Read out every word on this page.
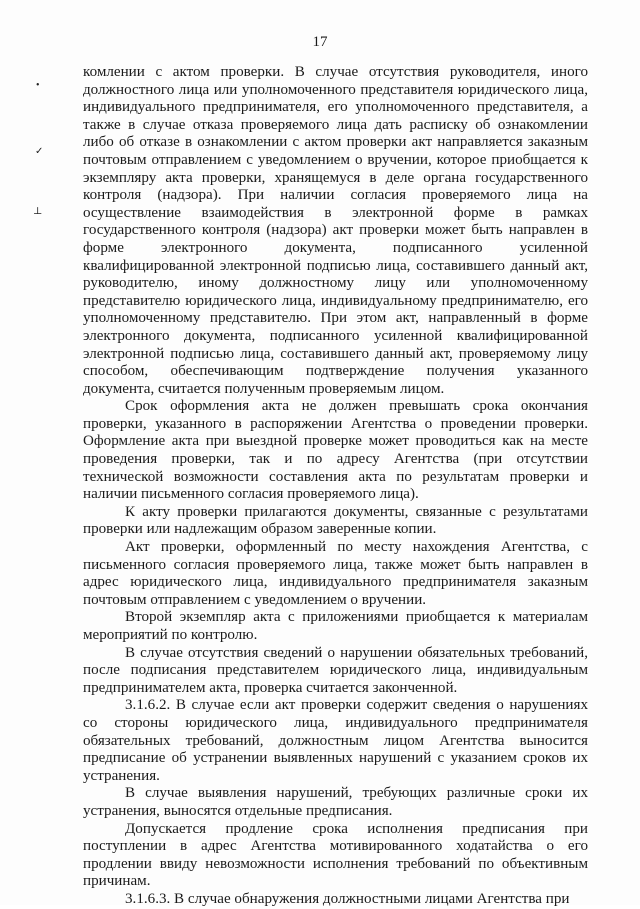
17
•
✓
⊥

комлении с актом проверки. В случае отсутствия руководителя, иного должностного лица или уполномоченного представителя юридического лица, индивидуального предпринимателя, его уполномоченного представителя, а также в случае отказа проверяемого лица дать расписку об ознакомлении либо об отказе в ознакомлении с актом проверки акт направляется заказным почтовым отправлением с уведомлением о вручении, которое приобщается к экземпляру акта проверки, хранящемуся в деле органа государственного контроля (надзора). При наличии согласия проверяемого лица на осуществление взаимодействия в электронной форме в рамках государственного контроля (надзора) акт проверки может быть направлен в форме электронного документа, подписанного усиленной квалифицированной электронной подписью лица, составившего данный акт, руководителю, иному должностному лицу или уполномоченному представителю юридического лица, индивидуальному предпринимателю, его уполномоченному представителю. При этом акт, направленный в форме электронного документа, подписанного усиленной квалифицированной электронной подписью лица, составившего данный акт, проверяемому лицу способом, обеспечивающим подтверждение получения указанного документа, считается полученным проверяемым лицом.

Срок оформления акта не должен превышать срока окончания проверки, указанного в распоряжении Агентства о проведении проверки. Оформление акта при выездной проверке может проводиться как на месте проведения проверки, так и по адресу Агентства (при отсутствии технической возможности составления акта по результатам проверки и наличии письменного согласия проверяемого лица).

К акту проверки прилагаются документы, связанные с результатами проверки или надлежащим образом заверенные копии.

Акт проверки, оформленный по месту нахождения Агентства, с письменного согласия проверяемого лица, также может быть направлен в адрес юридического лица, индивидуального предпринимателя заказным почтовым отправлением с уведомлением о вручении.

Второй экземпляр акта с приложениями приобщается к материалам мероприятий по контролю.

В случае отсутствия сведений о нарушении обязательных требований, после подписания представителем юридического лица, индивидуальным предпринимателем акта, проверка считается законченной.

3.1.6.2. В случае если акт проверки содержит сведения о нарушениях со стороны юридического лица, индивидуального предпринимателя обязательных требований, должностным лицом Агентства выносится предписание об устранении выявленных нарушений с указанием сроков их устранения.

В случае выявления нарушений, требующих различные сроки их устранения, выносятся отдельные предписания.

Допускается продление срока исполнения предписания при поступлении в адрес Агентства мотивированного ходатайства о его продлении ввиду невозможности исполнения требований по объективным причинам.

3.1.6.3. В случае обнаружения должностными лицами Агентства при
